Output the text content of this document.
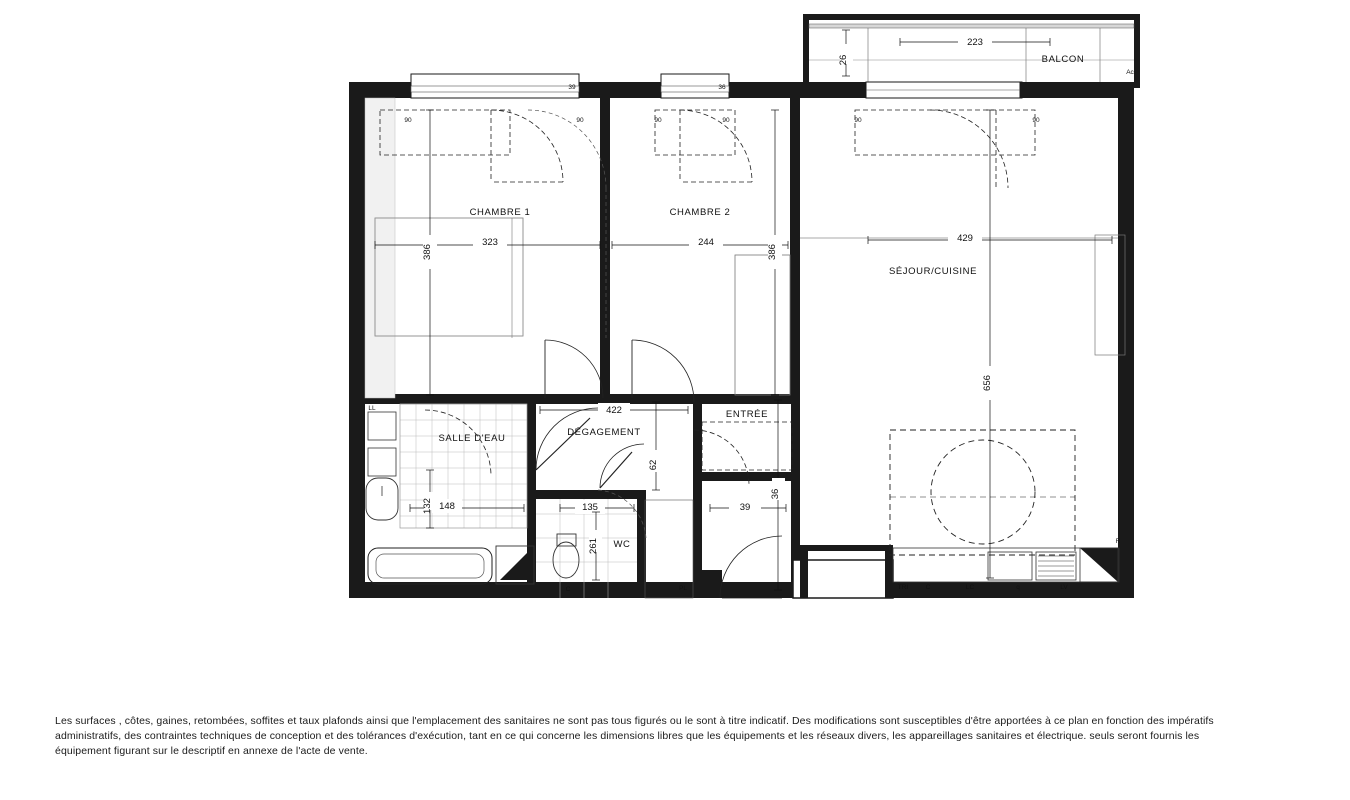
223
26	BALCON
Ac
39	36
CHAMBRE 1
323
386
90	90
CHAMBRE 2
244
386
90	90
SÉJOUR/CUISINE
429
656
90	90
R
TRI	C	LC	q	LV
SALLE D'EAU
LL
148
132
DÉGAGEMENT
422
62
WC
C
135
261
ENTRÉE
PL
39
36

Les surfaces , côtes, gaines, retombées, soffites et taux plafonds ainsi que l'emplacement des sanitaires ne sont pas tous figurés ou le sont à titre indicatif. Des modifications sont susceptibles d'être apportées à ce plan en fonction des impératifs

administratifs, des contraintes techniques de conception et des tolérances d'exécution, tant en ce qui concerne les dimensions libres que les équipements et les réseaux divers, les appareillages sanitaires et électrique. seuls seront fournis les

équipement figurant sur le descriptif en annexe de l'acte de vente.
